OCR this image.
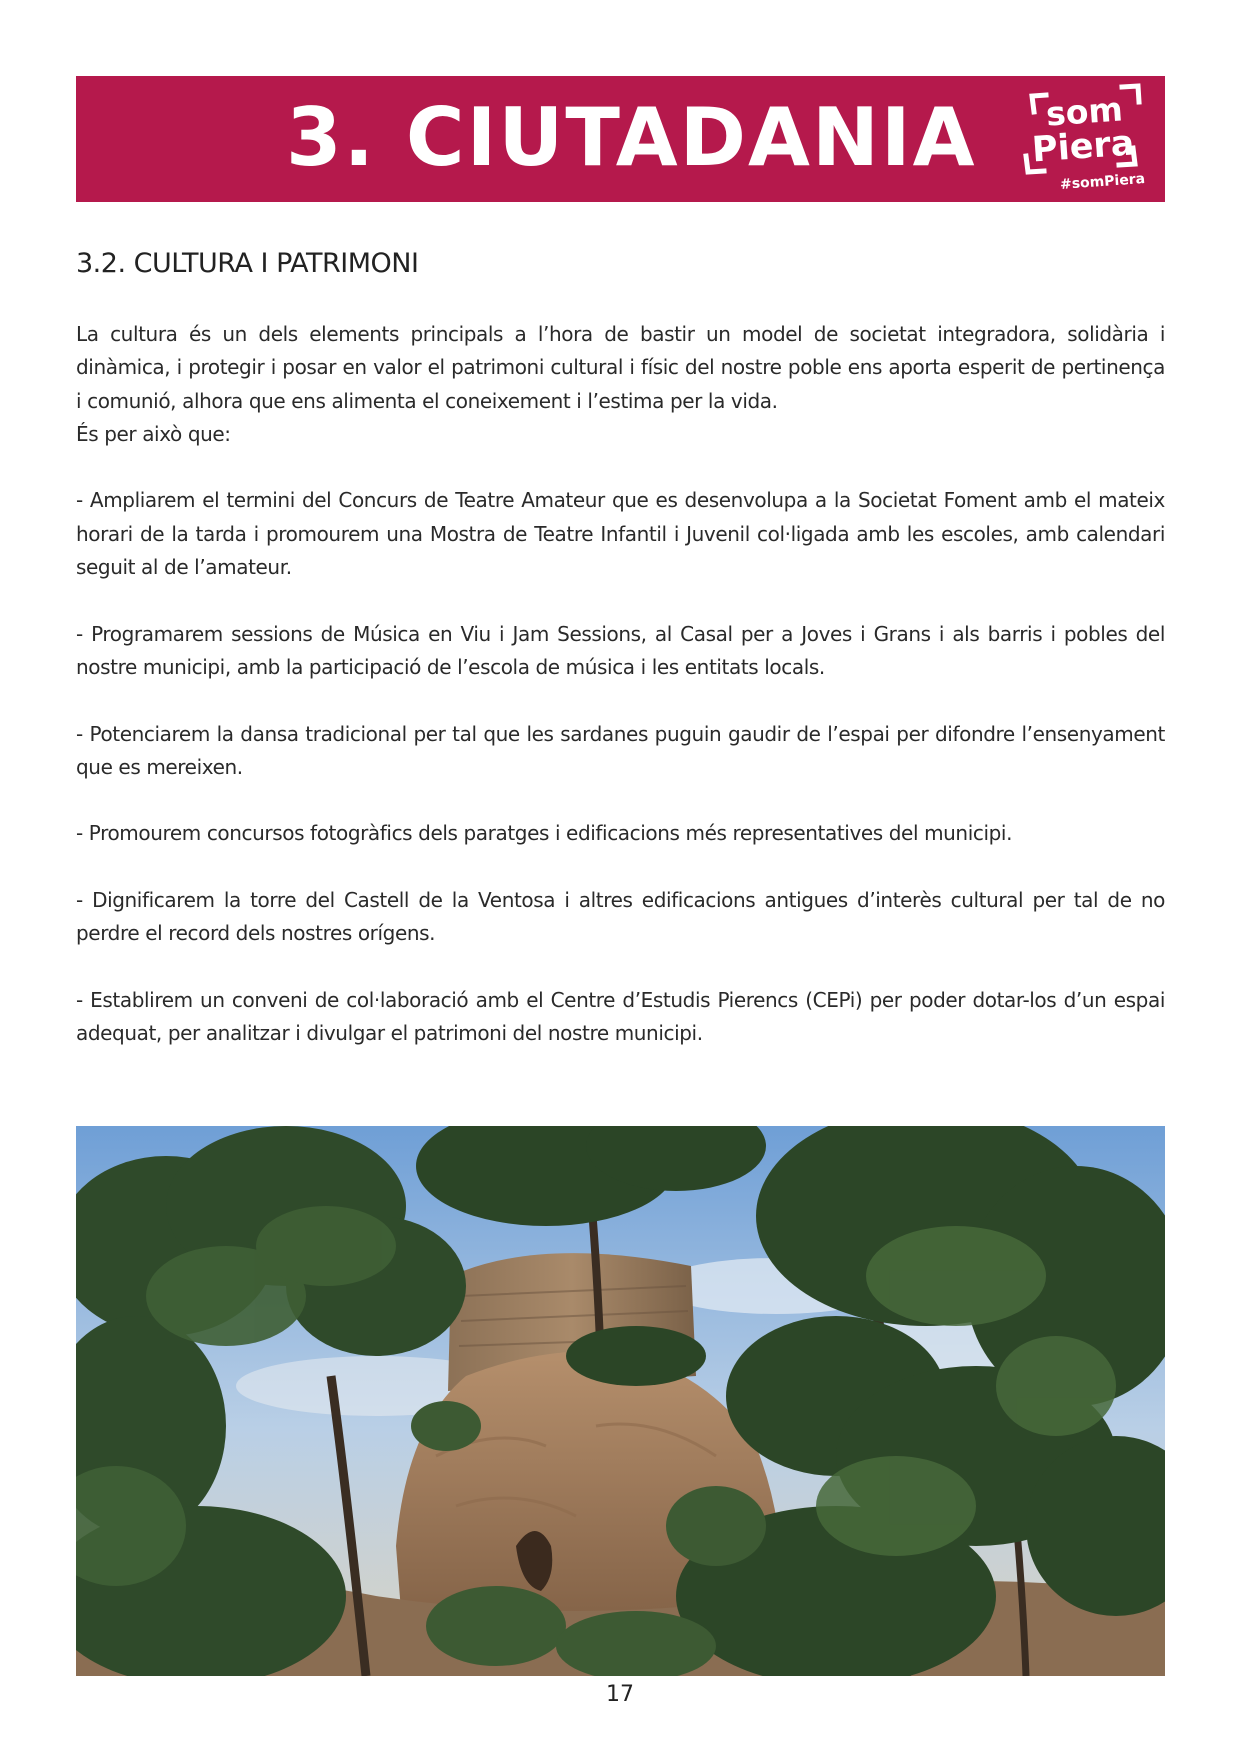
3. CIUTADANIA som
Piera
#somPiera
3.2. CULTURA I PATRIMONI

La cultura és un dels elements principals a l’hora de bastir un model de societat integradora, solidària i dinàmica, i protegir i posar en valor el patrimoni cultural i físic del nostre poble ens aporta esperit de pertinença i comunió, alhora que ens alimenta el coneixement i l’estima per la vida.

És per això que:

- Ampliarem el termini del Concurs de Teatre Amateur que es desenvolupa a la Societat Foment amb el mateix horari de la tarda i promourem una Mostra de Teatre Infantil i Juvenil col·ligada amb les escoles, amb calendari seguit al de l’amateur.

- Programarem sessions de Música en Viu i Jam Sessions, al Casal per a Joves i Grans i als barris i pobles del nostre municipi, amb la participació de l’escola de música i les entitats locals.

- Potenciarem la dansa tradicional per tal que les sardanes puguin gaudir de l’espai per difondre l’ensenyament que es mereixen.

- Promourem concursos fotogràfics dels paratges i edificacions més representatives del municipi.

- Dignificarem la torre del Castell de la Ventosa i altres edificacions antigues d’interès cultural per tal de no perdre el record dels nostres orígens.

- Establirem un conveni de col·laboració amb el Centre d’Estudis Pierencs (CEPi) per poder dotar-los d’un espai adequat, per analitzar i divulgar el patrimoni del nostre municipi.

17
